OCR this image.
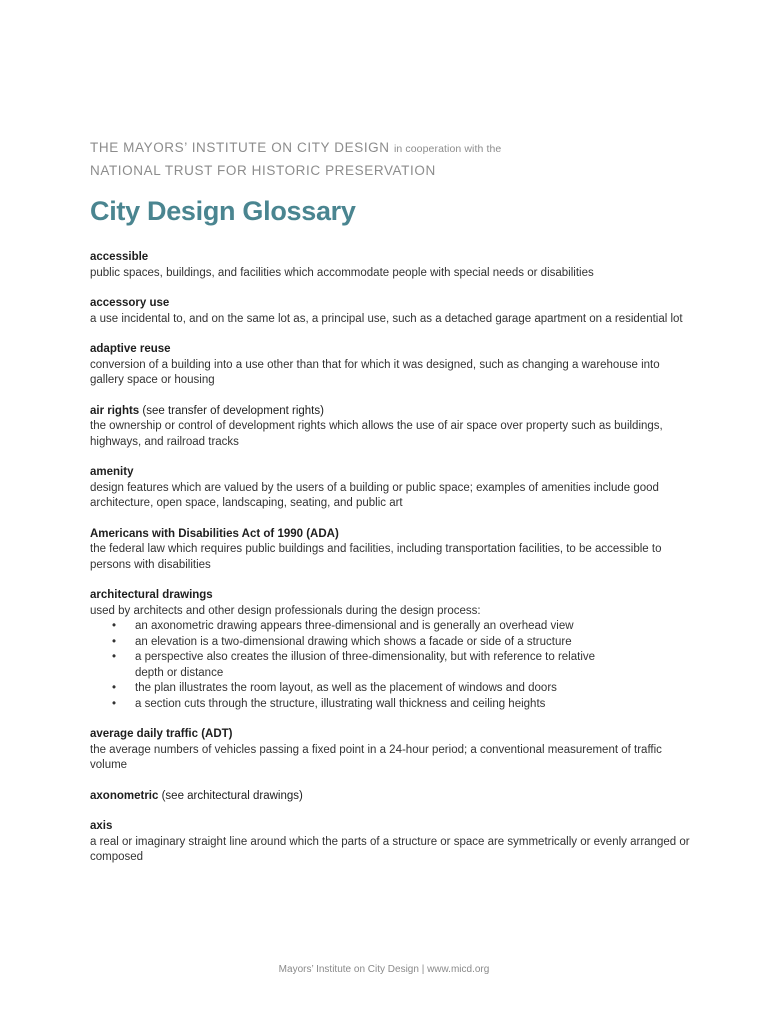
THE MAYORS’ INSTITUTE ON CITY DESIGN in cooperation with the
NATIONAL TRUST FOR HISTORIC PRESERVATION
City Design Glossary
accessible
public spaces, buildings, and facilities which accommodate people with special needs or disabilities
accessory use
a use incidental to, and on the same lot as, a principal use, such as a detached garage apartment on a residential lot
adaptive reuse
conversion of a building into a use other than that for which it was designed, such as changing a warehouse into gallery space or housing
air rights (see transfer of development rights)
the ownership or control of development rights which allows the use of air space over property such as buildings, highways, and railroad tracks
amenity
design features which are valued by the users of a building or public space; examples of amenities include good architecture, open space, landscaping, seating, and public art
Americans with Disabilities Act of 1990 (ADA)
the federal law which requires public buildings and facilities, including transportation facilities, to be accessible to persons with disabilities
architectural drawings
used by architects and other design professionals during the design process:
• an axonometric drawing appears three-dimensional and is generally an overhead view
• an elevation is a two-dimensional drawing which shows a facade or side of a structure
• a perspective also creates the illusion of three-dimensionality, but with reference to relative depth or distance
• the plan illustrates the room layout, as well as the placement of windows and doors
• a section cuts through the structure, illustrating wall thickness and ceiling heights
average daily traffic (ADT)
the average numbers of vehicles passing a fixed point in a 24-hour period; a conventional measurement of traffic volume
axonometric (see architectural drawings)
axis
a real or imaginary straight line around which the parts of a structure or space are symmetrically or evenly arranged or composed
Mayors’ Institute on City Design | www.micd.org
